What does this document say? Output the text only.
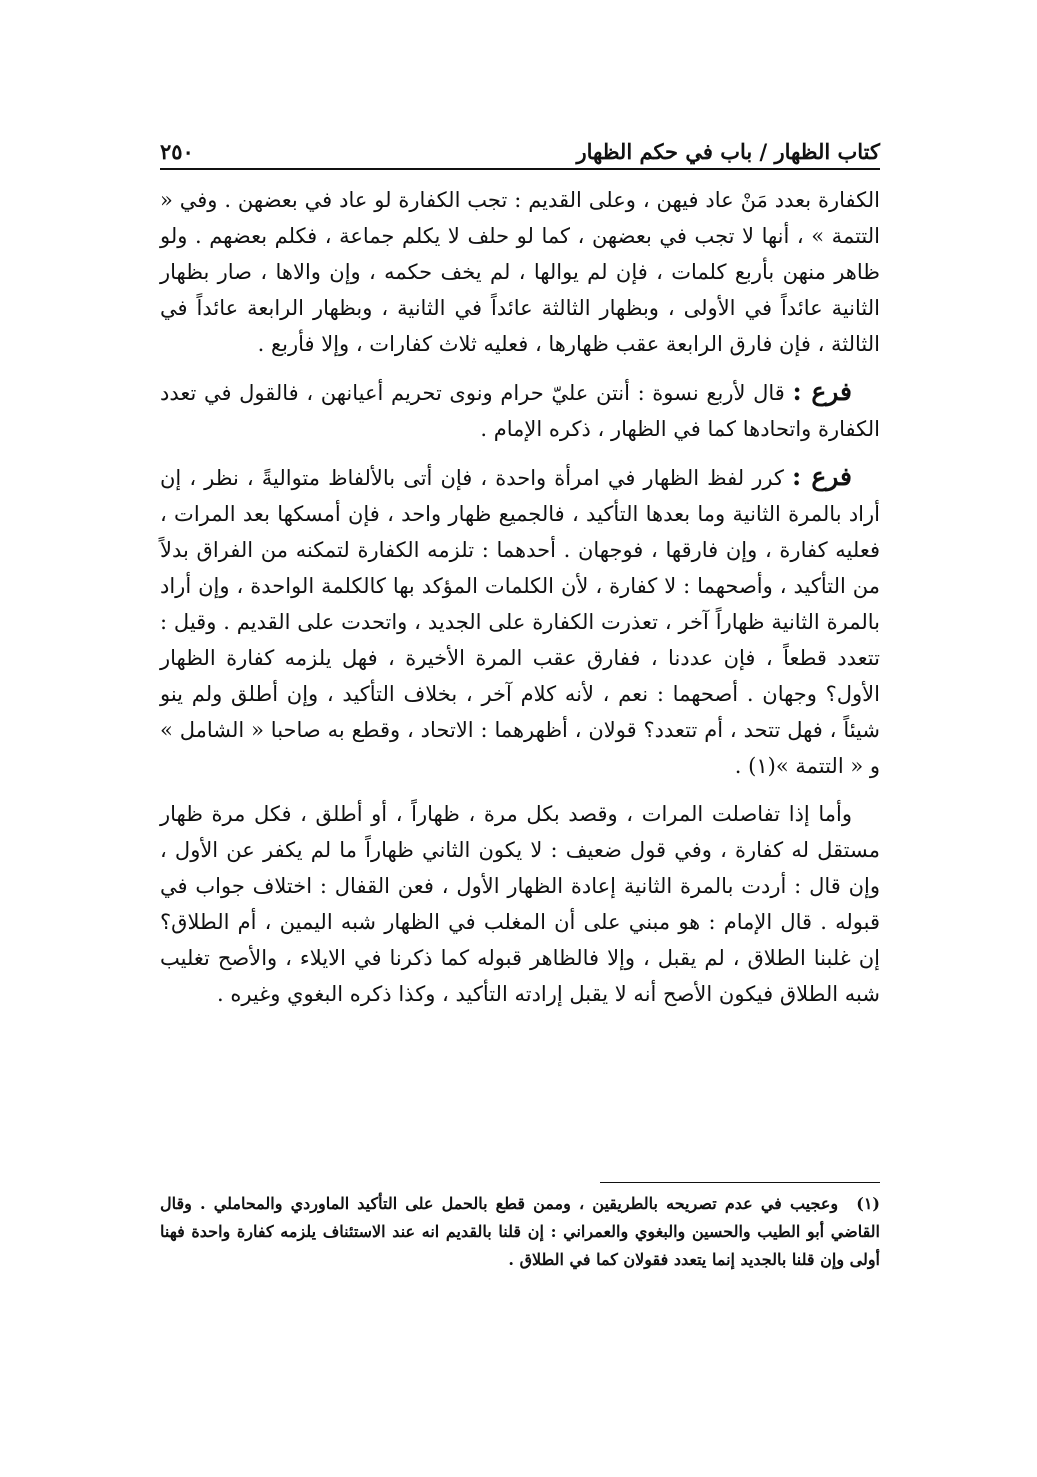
كتاب الظهار / باب في حكم الظهار
٢٥٠

الكفارة بعدد مَنْ عاد فيهن ، وعلى القديم : تجب الكفارة لو عاد في بعضهن . وفي « التتمة » ، أنها لا تجب في بعضهن ، كما لو حلف لا يكلم جماعة ، فكلم بعضهم . ولو ظاهر منهن بأربع كلمات ، فإن لم يوالها ، لم يخف حكمه ، وإن والاها ، صار بظهار الثانية عائداً في الأولى ، وبظهار الثالثة عائداً في الثانية ، وبظهار الرابعة عائداً في الثالثة ، فإن فارق الرابعة عقب ظهارها ، فعليه ثلاث كفارات ، وإلا فأربع .

فرع : قال لأربع نسوة : أنتن عليّ حرام ونوى تحريم أعيانهن ، فالقول في تعدد الكفارة واتحادها كما في الظهار ، ذكره الإمام .

فرع : كرر لفظ الظهار في امرأة واحدة ، فإن أتى بالألفاظ متواليةً ، نظر ، إن أراد بالمرة الثانية وما بعدها التأكيد ، فالجميع ظهار واحد ، فإن أمسكها بعد المرات ، فعليه كفارة ، وإن فارقها ، فوجهان . أحدهما : تلزمه الكفارة لتمكنه من الفراق بدلاً من التأكيد ، وأصحهما : لا كفارة ، لأن الكلمات المؤكد بها كالكلمة الواحدة ، وإن أراد بالمرة الثانية ظهاراً آخر ، تعذرت الكفارة على الجديد ، واتحدت على القديم . وقيل : تتعدد قطعاً ، فإن عددنا ، ففارق عقب المرة الأخيرة ، فهل يلزمه كفارة الظهار الأول؟ وجهان . أصحهما : نعم ، لأنه كلام آخر ، بخلاف التأكيد ، وإن أطلق ولم ينو شيئاً ، فهل تتحد ، أم تتعدد؟ قولان ، أظهرهما : الاتحاد ، وقطع به صاحبا « الشامل » و « التتمة »(١) .

وأما إذا تفاصلت المرات ، وقصد بكل مرة ، ظهاراً ، أو أطلق ، فكل مرة ظهار مستقل له كفارة ، وفي قول ضعيف : لا يكون الثاني ظهاراً ما لم يكفر عن الأول ، وإن قال : أردت بالمرة الثانية إعادة الظهار الأول ، فعن القفال : اختلاف جواب في قبوله . قال الإمام : هو مبني على أن المغلب في الظهار شبه اليمين ، أم الطلاق؟ إن غلبنا الطلاق ، لم يقبل ، وإلا فالظاهر قبوله كما ذكرنا في الايلاء ، والأصح تغليب شبه الطلاق فيكون الأصح أنه لا يقبل إرادته التأكيد ، وكذا ذكره البغوي وغيره .

(١) وعجيب في عدم تصريحه بالطريقين ، وممن قطع بالحمل على التأكيد الماوردي والمحاملي . وقال القاضي أبو الطيب والحسين والبغوي والعمراني : إن قلنا بالقديم انه عند الاستئناف يلزمه كفارة واحدة فهنا أولى وإن قلنا بالجديد إنما يتعدد فقولان كما في الطلاق .
